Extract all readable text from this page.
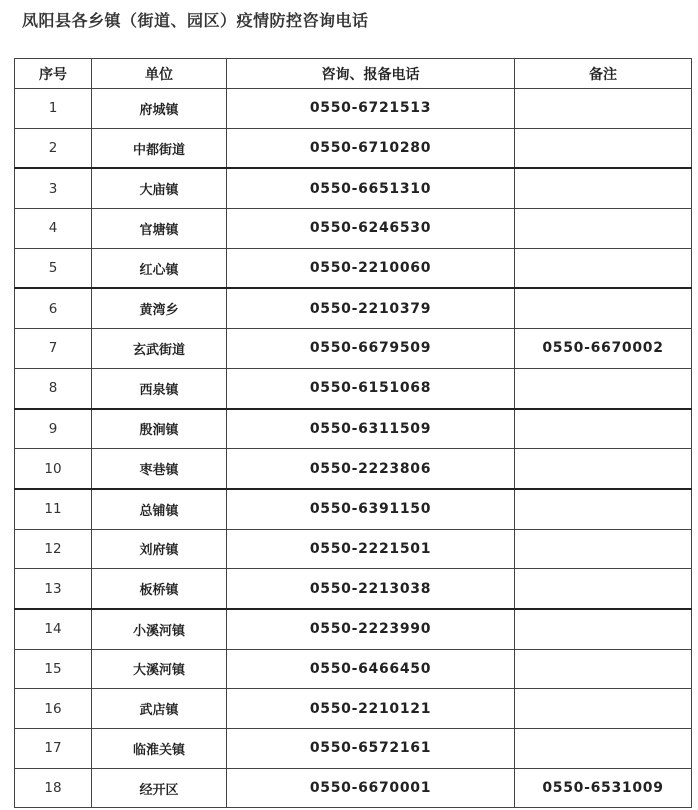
凤阳县各乡镇（街道、园区）疫情防控咨询电话
序号	单位	咨询、报备电话	备注
1	府城镇	0550-6721513	
2	中都街道	0550-6710280	
3	大庙镇	0550-6651310	
4	官塘镇	0550-6246530	
5	红心镇	0550-2210060	
6	黄湾乡	0550-2210379	
7	玄武街道	0550-6679509	0550-6670002
8	西泉镇	0550-6151068	
9	殷涧镇	0550-6311509	
10	枣巷镇	0550-2223806	
11	总铺镇	0550-6391150	
12	刘府镇	0550-2221501	
13	板桥镇	0550-2213038	
14	小溪河镇	0550-2223990	
15	大溪河镇	0550-6466450	
16	武店镇	0550-2210121	
17	临淮关镇	0550-6572161	
18	经开区	0550-6670001	0550-6531009
